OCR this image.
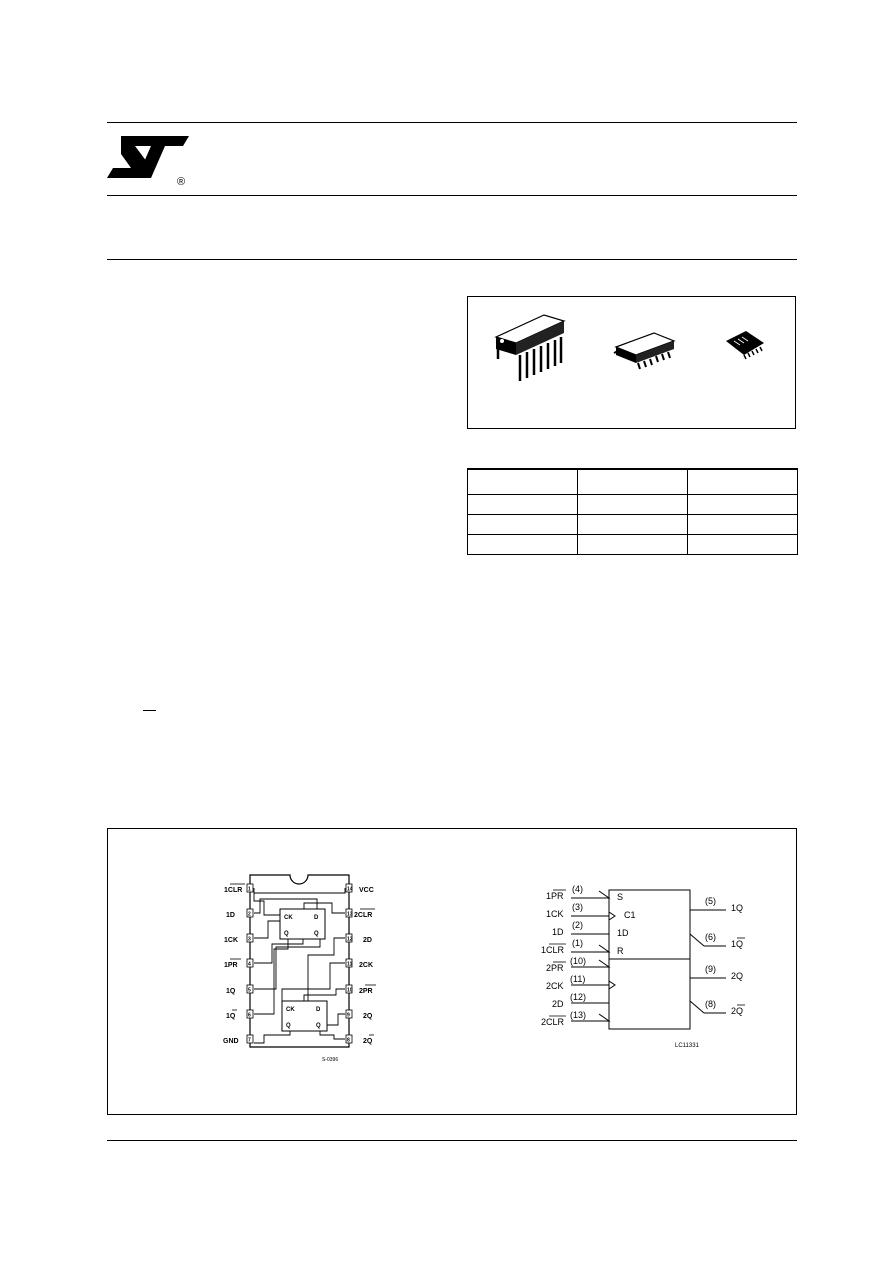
®

1
2
3
4
5
6
7
14
13
12
11
10
9
8
1CLR
1D
1CK
1PR
1Q
1Q
GND
VCC
2CLR
2D
2CK
2PR
2Q
2Q
CK	D
Q	Q
CK	D
Q	Q
S-0396
S
C1
1D
R
1PR
(4)
1CK
(3)
1D
(2)
1CLR
(1)
2PR
(10)
2CK
(11)
2D
(12)
2CLR
(13)
(5)
1Q
(6)
1Q
(9)
2Q
(8)
2Q
LC11331
